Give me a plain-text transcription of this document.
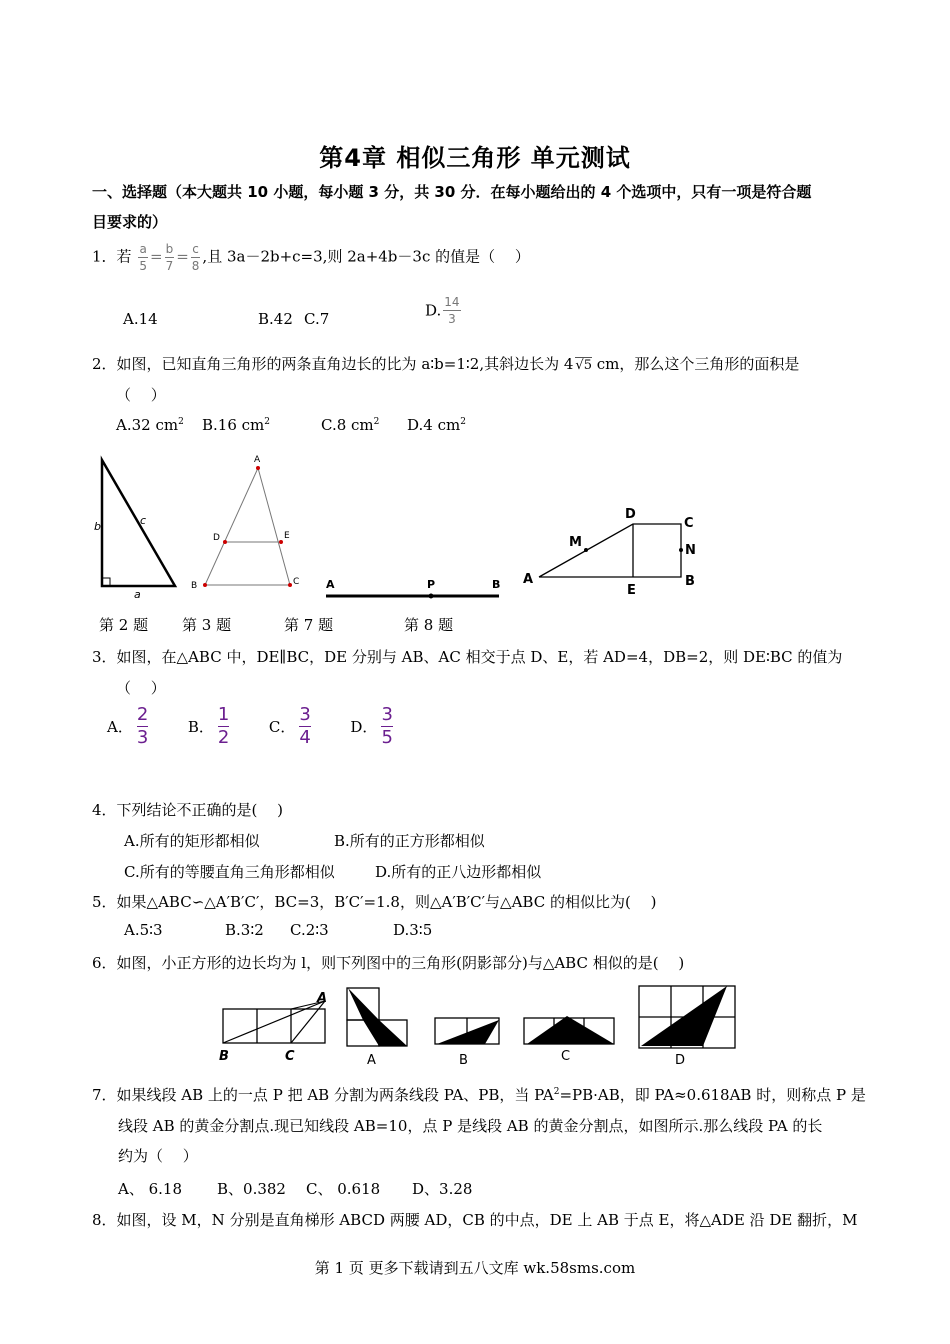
第4章 相似三角形 单元测试
一、选择题（本大题共 10 小题，每小题 3 分，共 30 分．在每小题给出的 4 个选项中，只有一项是符合题
目要求的）
1．若 $\frac{a}{5} = \frac{b}{7} = \frac{c}{8}$ ,且 3a－2b+c=3,则 2a+4b－3c 的值是（　 ）
A.14	B.42 C.7	D. $\frac{14}{3}$
2．如图，已知直角三角形的两条直角边长的比为 a∶b=1∶2,其斜边长为 4 √5 cm，那么这个三角形的面积是
（　 ）
A.32 $cm^2$ B.16 $cm^2$	C.8 $cm^2$ D.4 $cm^2$
b	c
a
A
D	E
B	C A	P	B
D
C
M
N
A
E
B
第 2 题 第 3 题	第 7 题	第 8 题
3．如图，在△ABC 中，DE∥BC，DE 分别与 AB、AC 相交于点 D、E，若 AD=4，DB=2，则 DE∶BC 的值为
（　 ）
A． $\frac{2}{3}$	B． $\frac{1}{2}$	C． $\frac{3}{4}$	D． $\frac{3}{5}$
4．下列结论不正确的是(　 )
A.所有的矩形都相似	B.所有的正方形都相似
C.所有的等腰直角三角形都相似	D.所有的正八边形都相似
5．如果△ABC∽△A′B′C′，BC=3，B′C′=1.8，则△A′B′C′与△ABC 的相似比为(　 )
A.5∶3	B.3∶2 C.2∶3	D.3∶5
6．如图，小正方形的边长均为 l，则下列图中的三角形(阴影部分)与△ABC 相似的是(　 )
A
B	C	A	B	C	D
7．如果线段 AB 上的一点 P 把 AB 分割为两条线段 PA、PB，当 $PA^2=PB\cdot AB$，即 PA≈0.618AB 时，则称点 P 是
线段 AB 的黄金分割点.现已知线段 AB=10，点 P 是线段 AB 的黄金分割点，如图所示.那么线段 PA 的长
约为（　 ）
A、 6.18 B、0.382 C、 0.618 D、3.28
8．如图，设 M，N 分别是直角梯形 ABCD 两腰 AD，CB 的中点，DE 上 AB 于点 E，将△ADE 沿 DE 翻折，M
第 1 页 更多下载请到五八文库 wk.58sms.com
